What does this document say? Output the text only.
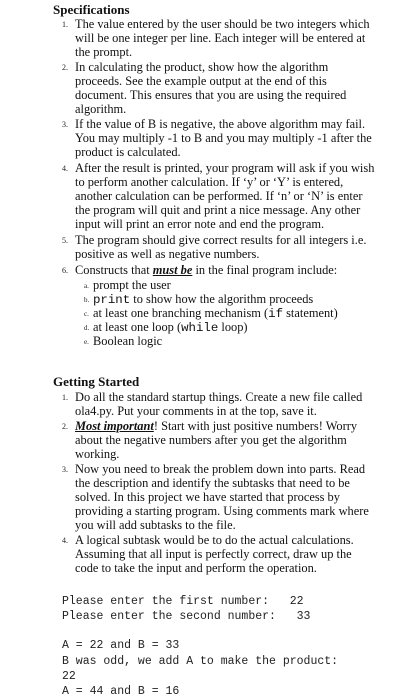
Specifications
1. The value entered by the user should be two integers which
will be one integer per line. Each integer will be entered at
the prompt.
2. In calculating the product, show how the algorithm
proceeds. See the example output at the end of this
document. This ensures that you are using the required
algorithm.
3. If the value of B is negative, the above algorithm may fail.
You may multiply -1 to B and you may multiply -1 after the
product is calculated.
4. After the result is printed, your program will ask if you wish
to perform another calculation. If ‘y’ or ‘Y’ is entered,
another calculation can be performed. If ‘n’ or ‘N’ is enter
the program will quit and print a nice message. Any other
input will print an error note and end the program.
5. The program should give correct results for all integers i.e.
positive as well as negative numbers.
6. Constructs that must be in the final program include:
a. prompt the user
b. print to show how the algorithm proceeds
c. at least one branching mechanism (if statement)
d. at least one loop (while loop)
e. Boolean logic
Getting Started
1. Do all the standard startup things. Create a new file called
ola4.py. Put your comments in at the top, save it.
2. Most important! Start with just positive numbers! Worry
about the negative numbers after you get the algorithm
working.
3. Now you need to break the problem down into parts. Read
the description and identify the subtasks that need to be
solved. In this project we have started that process by
providing a starting program. Using comments mark where
you will add subtasks to the file.
4. A logical subtask would be to do the actual calculations.
Assuming that all input is perfectly correct, draw up the
code to take the input and perform the operation.
Please enter the first number:   22
Please enter the second number:   33
A = 22 and B = 33
B was odd, we add A to make the product:
22
A = 44 and B = 16
